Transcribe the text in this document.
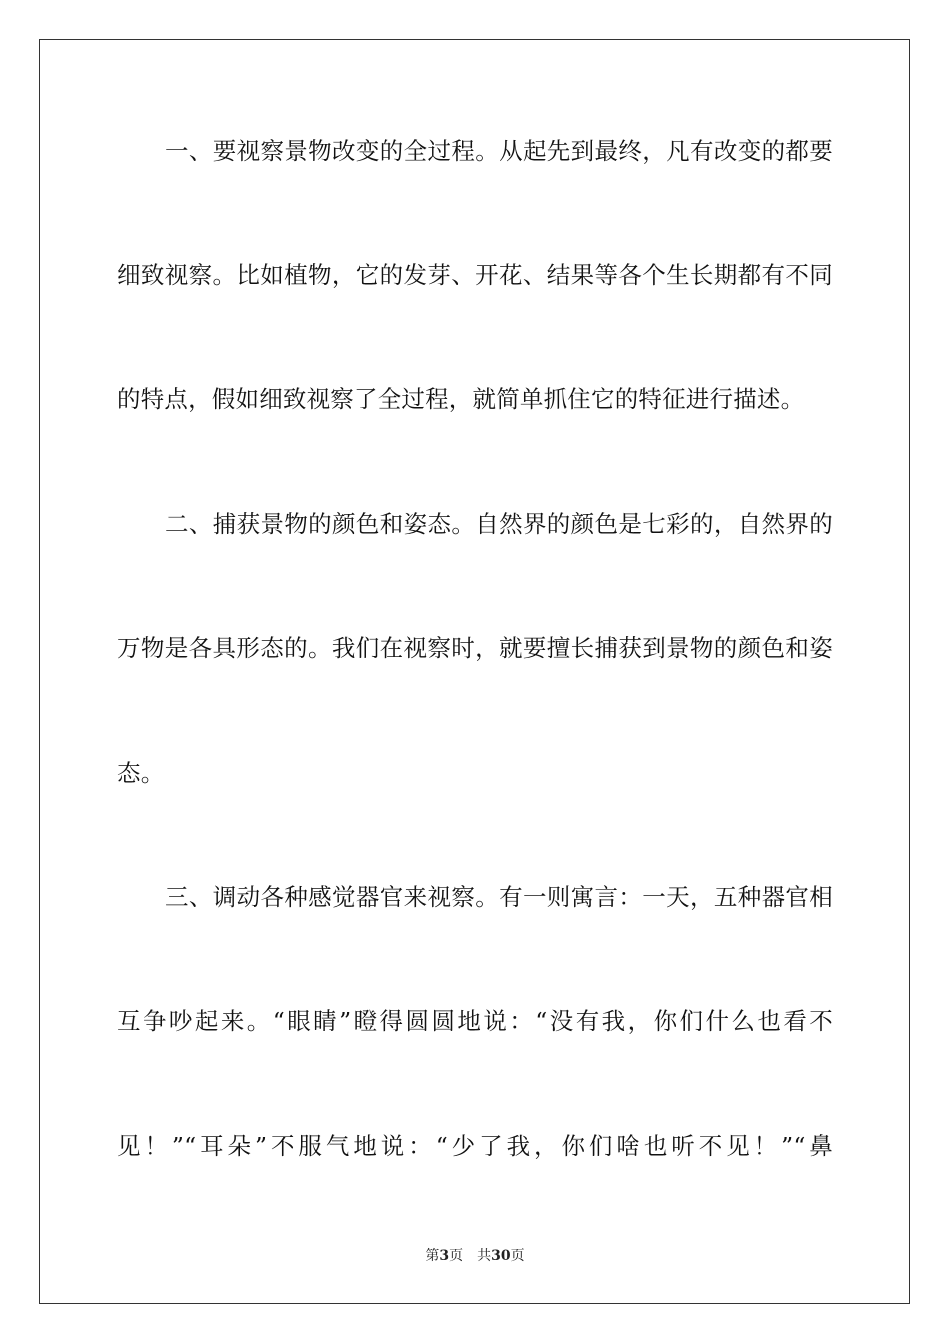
一、要视察景物改变的全过程。从起先到最终，凡有改变的都要
细致视察。比如植物，它的发芽、开花、结果等各个生长期都有不同
的特点，假如细致视察了全过程，就简单抓住它的特征进行描述。
二、捕获景物的颜色和姿态。自然界的颜色是七彩的，自然界的
万物是各具形态的。我们在视察时，就要擅长捕获到景物的颜色和姿
态。
三、调动各种感觉器官来视察。有一则寓言：一天，五种器官相
互争吵起来。“眼睛”瞪得圆圆地说：“没有我，你们什么也看不
见！”“耳朵”不服气地说：“少了我，你们啥也听不见！”“鼻
第3页　共30页
